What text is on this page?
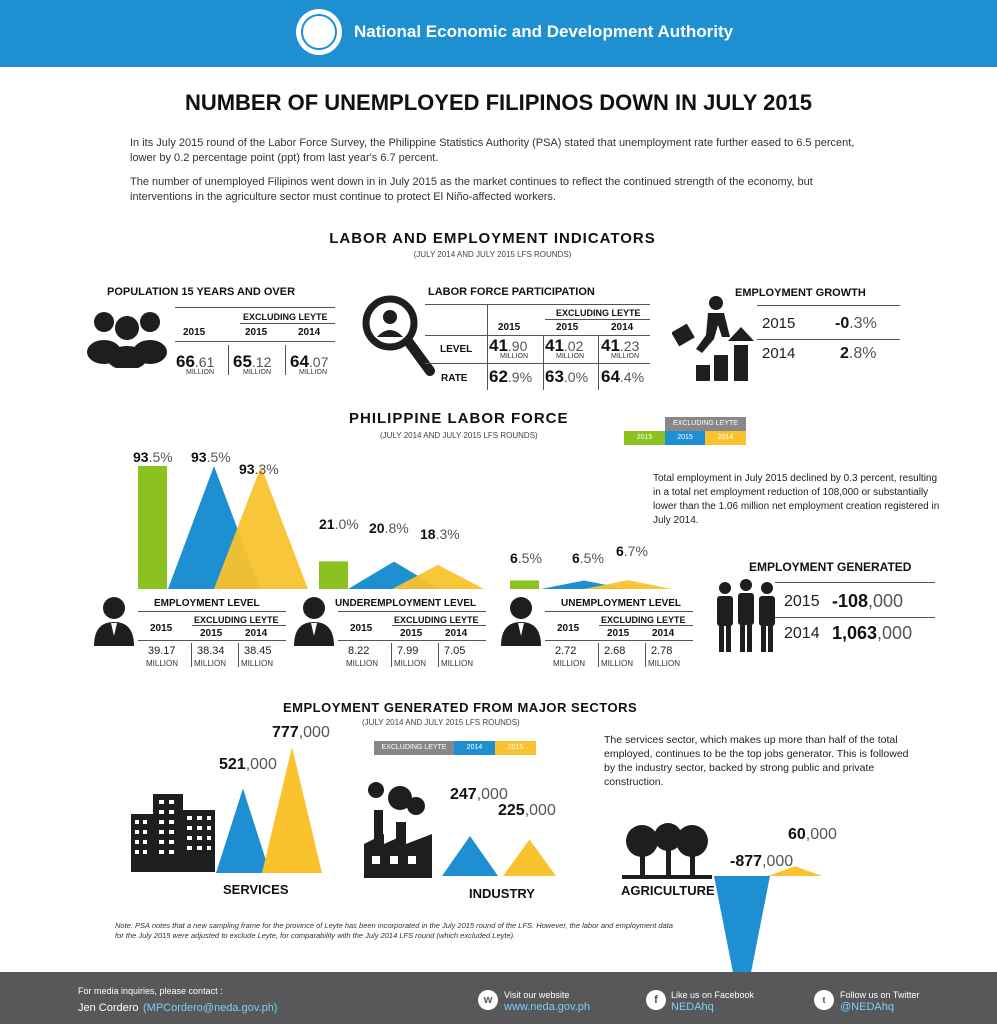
National Economic and Development Authority
NUMBER OF UNEMPLOYED FILIPINOS DOWN IN JULY 2015
In its July 2015 round of the Labor Force Survey, the Philippine Statistics Authority (PSA) stated that unemployment rate further eased to 6.5 percent, lower by 0.2 percentage point (ppt) from last year's 6.7 percent.
The number of unemployed Filipinos went down in in July 2015 as the market continues to reflect the continued strength of the economy, but interventions in the agriculture sector must continue to protect El Niño-affected workers.
LABOR AND EMPLOYMENT INDICATORS
(JULY 2014 AND JULY 2015 LFS ROUNDS)
POPULATION 15 YEARS AND OVER
EXCLUDING LEYTE
2015	2015	2014
66.61 65.12 64.07
MILLION	MILLION	MILLION
LABOR FORCE PARTICIPATION
EXCLUDING LEYTE
2015	2015	2014
LEVEL 41.90 41.02 41.23
MILLION	MILLION	MILLION
RATE 62.9% 63.0% 64.4%
EMPLOYMENT GROWTH
2015 -0.3%
2014	2.8%
PHILIPPINE LABOR FORCE
(JULY 2014 AND JULY 2015 LFS ROUNDS)
EXCLUDING LEYTE
2015	2015	2014
93.5% 93.5%
93.3%
21.0% 20.8% 18.3%
6.5% 6.5% 6.7%
Total employment in July 2015 declined by 0.3 percent, resulting in a total net employment reduction of 108,000 or substantially lower than the 1.06 million net employment creation registered in July 2014.
EMPLOYMENT LEVEL
EXCLUDING LEYTE
2015	2015 2014
39.17 38.34 38.45
MILLION MILLION MILLION
UNDEREMPLOYMENT LEVEL
EXCLUDING LEYTE
2015	2015 2014
8.22	7.99 7.05
MILLION MILLION MILLION
UNEMPLOYMENT LEVEL
EXCLUDING LEYTE
2015	2015 2014
2.72	2.68 2.78
MILLION MILLION MILLION
EMPLOYMENT GENERATED
2015 -108,000
2014 1,063,000
EMPLOYMENT GENERATED FROM MAJOR SECTORS
(JULY 2014 AND JULY 2015 LFS ROUNDS)
EXCLUDING LEYTE	2014	2015
The services sector, which makes up more than half of the total employed, continues to be the top jobs generator. This is followed by the industry sector, backed by strong public and private construction.
521,000
777,000
247,000
225,000
-877,000
60,000
SERVICES	INDUSTRY	AGRICULTURE
Note: PSA notes that a new sampling frame for the province of Leyte has been incorporated in the July 2015 round of the LFS. However, the labor and employment data for the July 2015 were adjusted to exclude Leyte, for comparability with the July 2014 LFS round (which excluded Leyte).
For media inquiries, please contact :
Jen Cordero (MPCordero@neda.gov.ph)
w	Visit our website
www.neda.gov.ph
f	Like us on Facebook
NEDAhq
t	Follow us on Twitter
@NEDAhq
